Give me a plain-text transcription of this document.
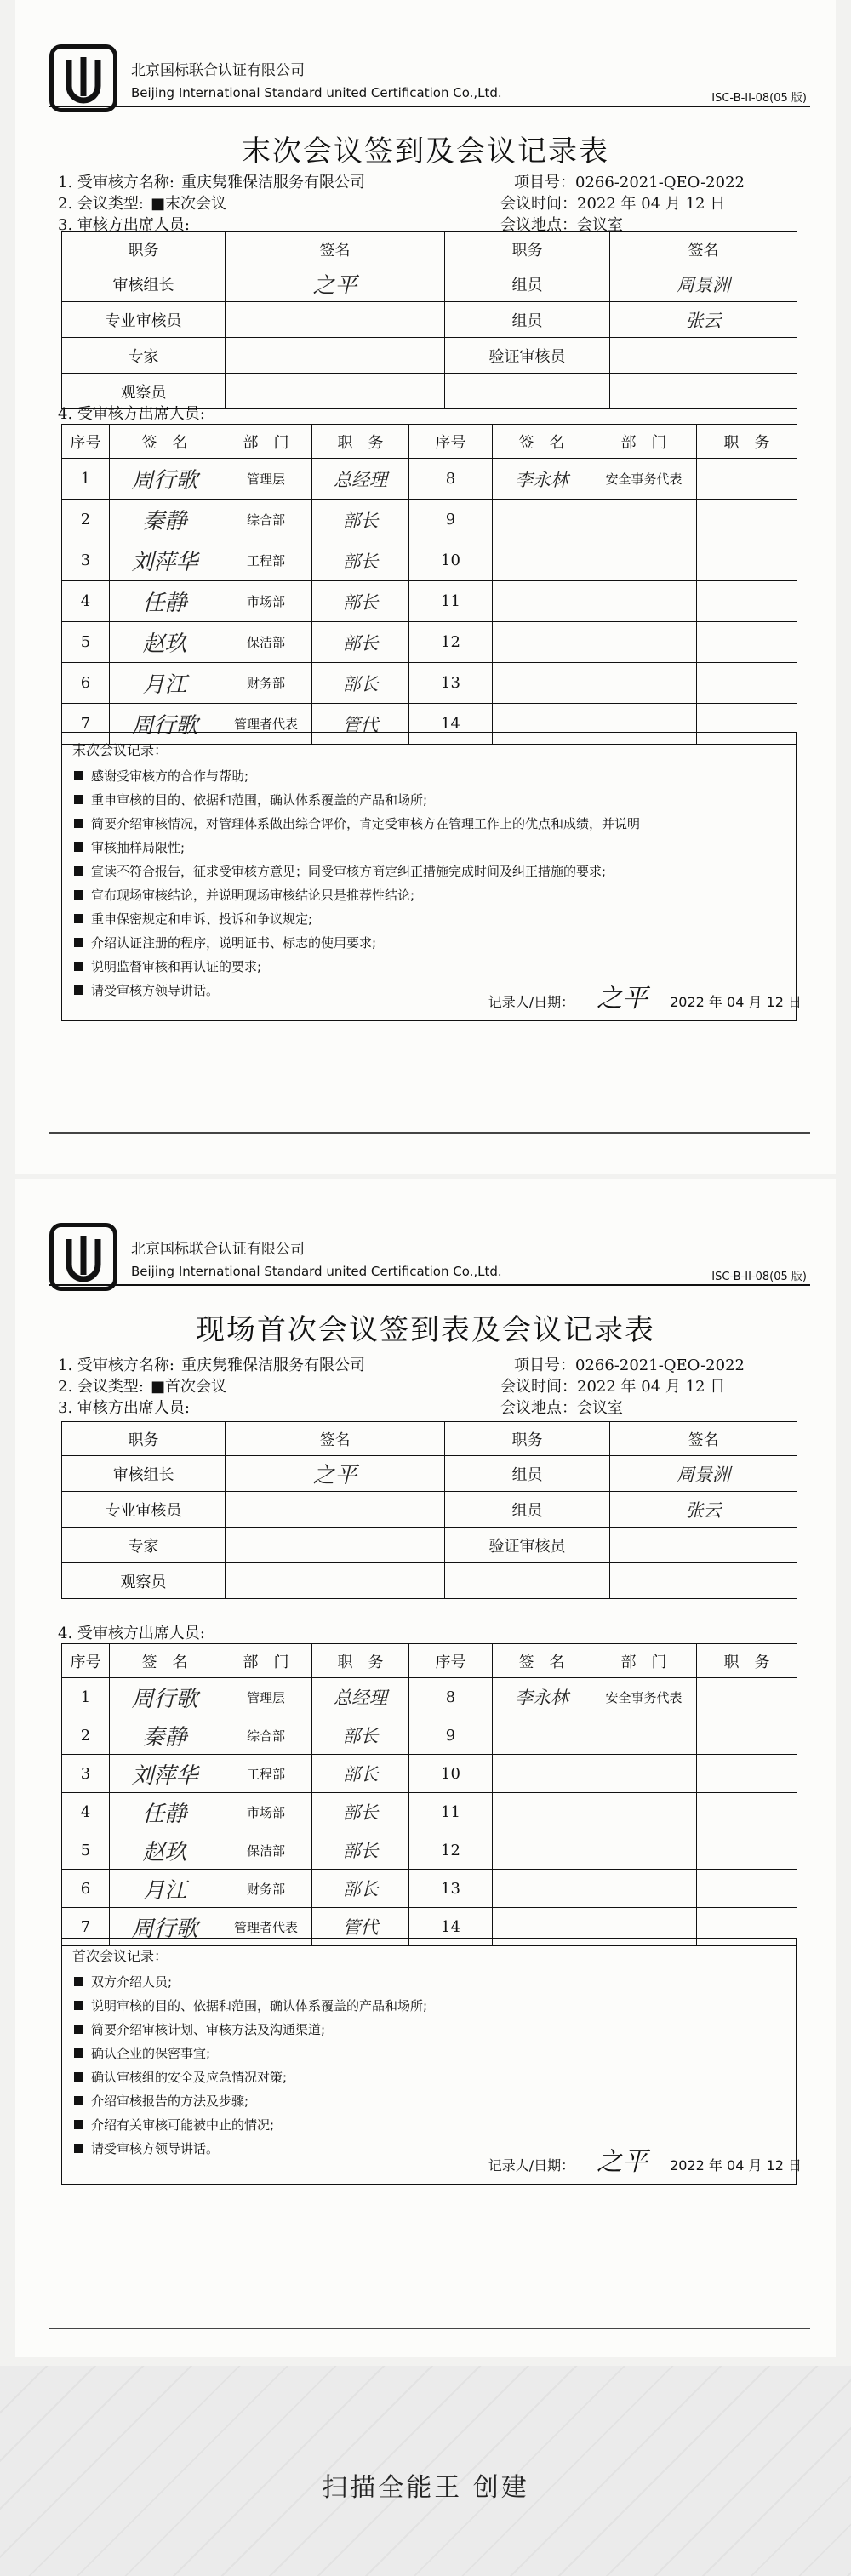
北京国标联合认证有限公司
Beijing International Standard united Certification Co.,Ltd.	ISC-B-II-08(05 版)
末次会议签到及会议记录表
1. 受审核方名称: 重庆隽雅保洁服务有限公司	项目号：0266-2021-QEO-2022
2. 会议类型: ■末次会议	会议时间：2022 年 04 月 12 日
3. 审核方出席人员:	会议地点：会议室
职务	签名	职务	签名
审核组长	之平	组员	周景洲
专业审核员		组员	张云
专家		验证审核员	
观察员			
4. 受审核方出席人员:
序号	签　名	部　门	职　务	序号	签　名	部　门	职　务
1	周行歌	管理层	总经理	8	李永林	安全事务代表	
2	秦静	综合部	部长	9			
3	刘萍华	工程部	部长	10			
4	任静	市场部	部长	11			
5	赵玖	保洁部	部长	12			
6	月江	财务部	部长	13			
7	周行歌	管理者代表	管代	14			
末次会议记录：
感谢受审核方的合作与帮助;
重申审核的目的、依据和范围，确认体系覆盖的产品和场所;
简要介绍审核情况，对管理体系做出综合评价，肯定受审核方在管理工作上的优点和成绩，并说明
审核抽样局限性;
宣读不符合报告，征求受审核方意见；同受审核方商定纠正措施完成时间及纠正措施的要求;
宣布现场审核结论，并说明现场审核结论只是推荐性结论;
重申保密规定和申诉、投诉和争议规定;
介绍认证注册的程序，说明证书、标志的使用要求;
说明监督审核和再认证的要求;
请受审核方领导讲话。
记录人/日期： 之平 2022 年 04 月 12 日
北京国标联合认证有限公司
Beijing International Standard united Certification Co.,Ltd.	ISC-B-II-08(05 版)
现场首次会议签到表及会议记录表
1. 受审核方名称: 重庆隽雅保洁服务有限公司	项目号：0266-2021-QEO-2022
2. 会议类型: ■首次会议	会议时间：2022 年 04 月 12 日
3. 审核方出席人员:	会议地点：会议室
职务	签名	职务	签名
审核组长	之平	组员	周景洲
专业审核员		组员	张云
专家		验证审核员	
观察员			
4. 受审核方出席人员:
序号	签　名	部　门	职　务	序号	签　名	部　门	职　务
1	周行歌	管理层	总经理	8	李永林	安全事务代表	
2	秦静	综合部	部长	9			
3	刘萍华	工程部	部长	10			
4	任静	市场部	部长	11			
5	赵玖	保洁部	部长	12			
6	月江	财务部	部长	13			
7	周行歌	管理者代表	管代	14			
首次会议记录：
双方介绍人员;
说明审核的目的、依据和范围，确认体系覆盖的产品和场所;
简要介绍审核计划、审核方法及沟通渠道;
确认企业的保密事宜;
确认审核组的安全及应急情况对策;
介绍审核报告的方法及步骤;
介绍有关审核可能被中止的情况;
请受审核方领导讲话。
记录人/日期： 之平 2022 年 04 月 12 日
扫描全能王 创建
